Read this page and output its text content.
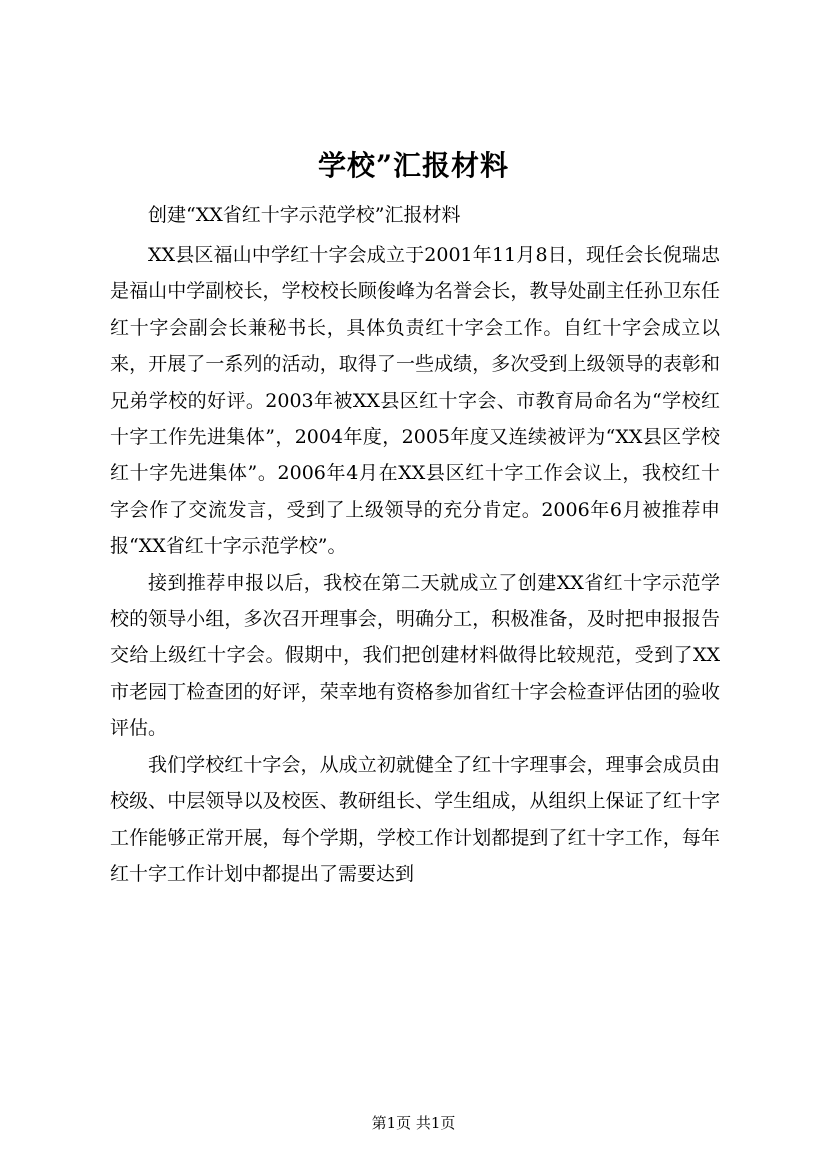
学校”汇报材料
创建“XX省红十字示范学校”汇报材料

XX县区福山中学红十字会成立于2001年11月8日，现任会长倪瑞忠是福山中学副校长，学校校长顾俊峰为名誉会长，教导处副主任孙卫东任红十字会副会长兼秘书长，具体负责红十字会工作。自红十字会成立以来，开展了一系列的活动，取得了一些成绩，多次受到上级领导的表彰和兄弟学校的好评。2003年被XX县区红十字会、市教育局命名为“学校红十字工作先进集体”，2004年度，2005年度又连续被评为“XX县区学校红十字先进集体”。2006年4月在XX县区红十字工作会议上，我校红十字会作了交流发言，受到了上级领导的充分肯定。2006年6月被推荐申报“XX省红十字示范学校”。

接到推荐申报以后，我校在第二天就成立了创建XX省红十字示范学校的领导小组，多次召开理事会，明确分工，积极准备，及时把申报报告交给上级红十字会。假期中，我们把创建材料做得比较规范，受到了XX市老园丁检查团的好评，荣幸地有资格参加省红十字会检查评估团的验收评估。

我们学校红十字会，从成立初就健全了红十字理事会，理事会成员由校级、中层领导以及校医、教研组长、学生组成，从组织上保证了红十字工作能够正常开展，每个学期，学校工作计划都提到了红十字工作，每年红十字工作计划中都提出了需要达到

第1页 共1页
